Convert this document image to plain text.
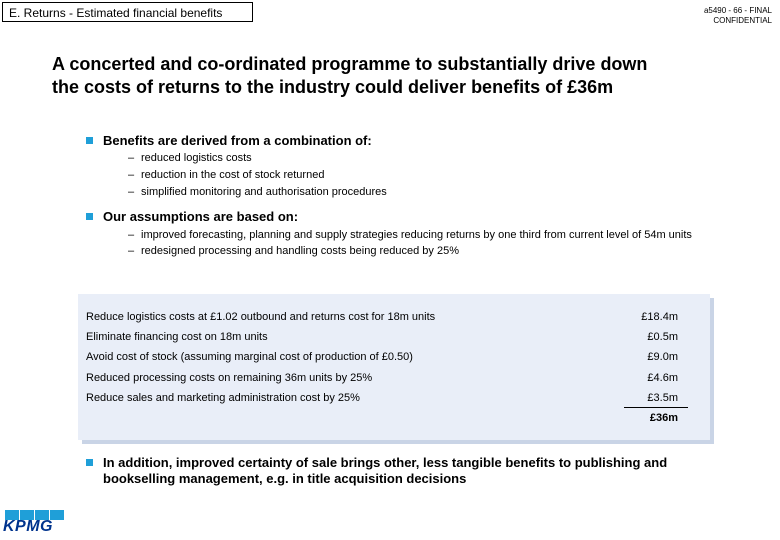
E. Returns - Estimated financial benefits	a5490 - 66 - FINAL
CONFIDENTIAL
A concerted and co-ordinated programme to substantially drive down
the costs of returns to the industry could deliver benefits of £36m
Benefits are derived from a combination of:
– reduced logistics costs
– reduction in the cost of stock returned
– simplified monitoring and authorisation procedures
Our assumptions are based on:
– improved forecasting, planning and supply strategies reducing returns by one third from current level of 54m units
– redesigned processing and handling costs being reduced by 25%
Reduce logistics costs at £1.02 outbound and returns cost for 18m units	£18.4m
Eliminate financing cost on 18m units	£0.5m
Avoid cost of stock (assuming marginal cost of production of £0.50)	£9.0m
Reduced processing costs on remaining 36m units by 25%	£4.6m
Reduce sales and marketing administration cost by 25%	£3.5m
£36m
In addition, improved certainty of sale brings other, less tangible benefits to publishing and bookselling management, e.g. in title acquisition decisions
KPMG
